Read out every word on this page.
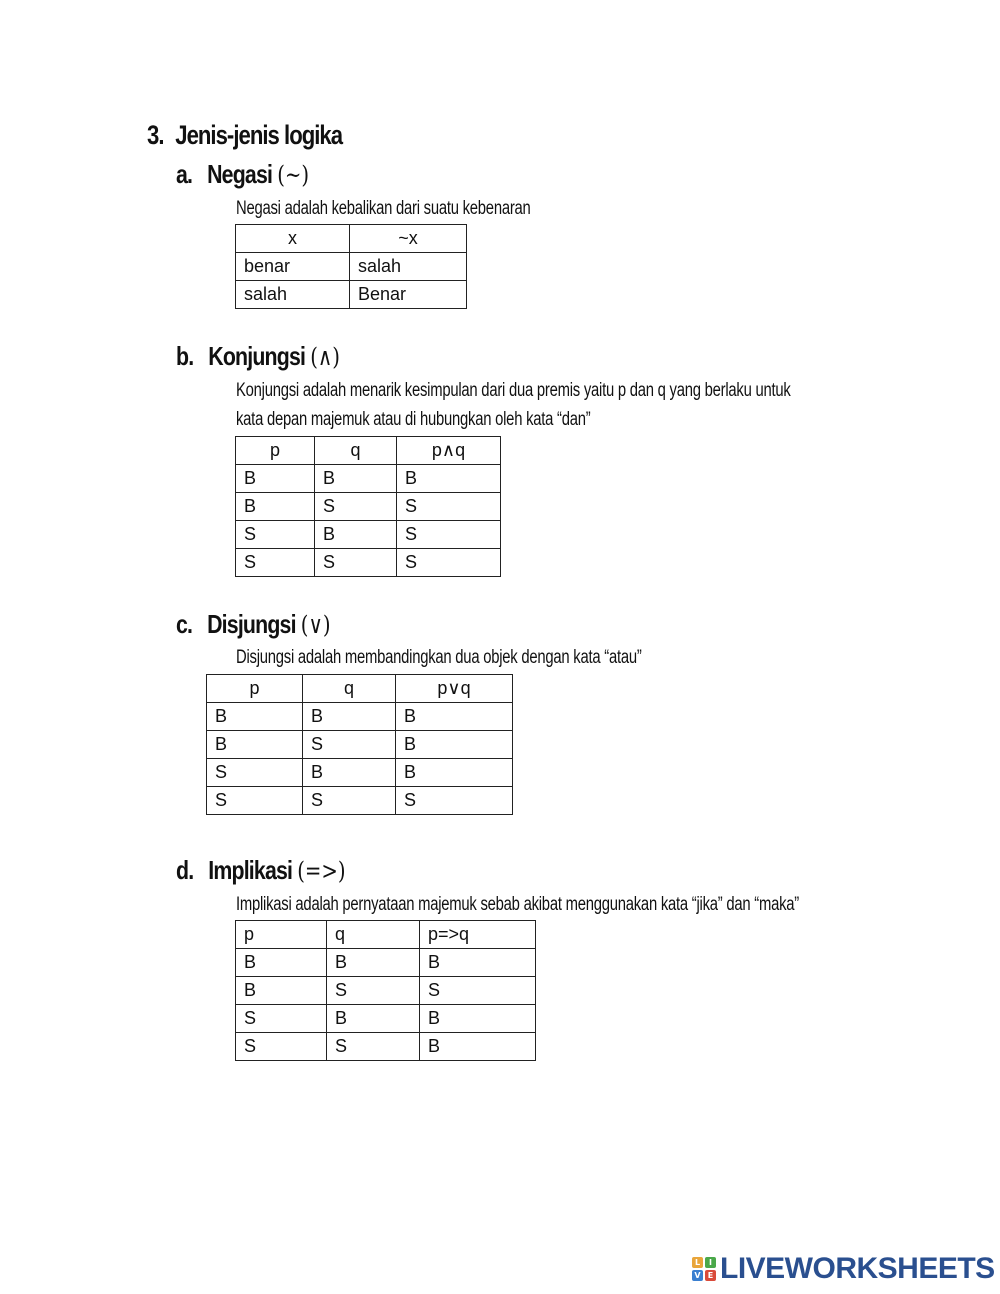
3. Jenis-jenis logika
a. Negasi (~)
Negasi adalah kebalikan dari suatu kebenaran
x	~x
benar	salah
salah	Benar
b. Konjungsi (∧)
Konjungsi adalah menarik kesimpulan dari dua premis yaitu p dan q yang berlaku untuk
kata depan majemuk atau di hubungkan oleh kata “dan”
p	q	p∧q
B	B	B
B	S	S
S	B	S
S	S	S
c. Disjungsi (∨)
Disjungsi adalah membandingkan dua objek dengan kata “atau”
p	q	p∨q
B	B	B
B	S	B
S	B	B
S	S	S
d. Implikasi (=>)
Implikasi adalah pernyataan majemuk sebab akibat menggunakan kata “jika” dan “maka”
p	q	p=>q
B	B	B
B	S	S
S	B	B
S	S	B
L	I
V E LIVEWORKSHEETS
